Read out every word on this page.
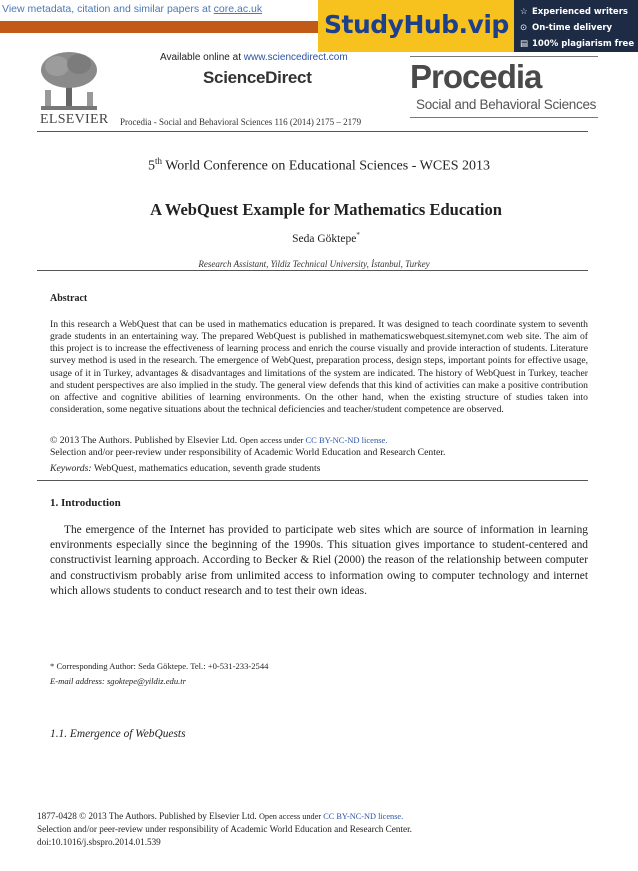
View metadata, citation and similar papers at core.ac.uk
StudyHub.vip ☆ Experienced writers
⊙ On-time delivery
▤ 100% plagiarism free
Available online at www.sciencedirect.com
ScienceDirect
ELSEVIER Procedia - Social and Behavioral Sciences 116 (2014) 2175 – 2179
Procedia
Social and Behavioral Sciences
5th World Conference on Educational Sciences - WCES 2013
A WebQuest Example for Mathematics Education
Seda Göktepe*
Research Assistant, Yildiz Technical University, İstanbul, Turkey
Abstract
In this research a WebQuest that can be used in mathematics education is prepared. It was designed to teach coordinate system to seventh grade students in an entertaining way. The prepared WebQuest is published in mathematicswebquest.sitemynet.com web site. The aim of this project is to increase the effectiveness of learning process and enrich the course visually and provide interaction of students. Literature survey method is used in the research. The emergence of WebQuest, preparation process, design steps, important points for effective usage, usage of it in Turkey, advantages & disadvantages and limitations of the system are indicated. The history of WebQuest in Turkey, teacher and student perspectives are also implied in the study. The general view defends that this kind of activities can make a positive contribution on affective and cognitive abilities of learning environments. On the other hand, when the existing structure of studies taken into consideration, some negative situations about the technical deficiencies and teacher/student competence are observed.
© 2013 The Authors. Published by Elsevier Ltd. Open access under CC BY-NC-ND license.
Selection and/or peer-review under responsibility of Academic World Education and Research Center.
Keywords: WebQuest, mathematics education, seventh grade students
1. Introduction
The emergence of the Internet has provided to participate web sites which are source of information in learning environments especially since the beginning of the 1990s. This situation gives importance to student-centered and constructivist learning approach. According to Becker & Riel (2000) the reason of the relationship between computer and constructivism probably arise from unlimited access to information owing to computer technology and internet which allows students to conduct research and to test their own ideas.
* Corresponding Author: Seda Göktepe. Tel.: +0-531-233-2544
E-mail address: sgoktepe@yildiz.edu.tr
1.1. Emergence of WebQuests
1877-0428 © 2013 The Authors. Published by Elsevier Ltd. Open access under CC BY-NC-ND license.
Selection and/or peer-review under responsibility of Academic World Education and Research Center.
doi:10.1016/j.sbspro.2014.01.539
